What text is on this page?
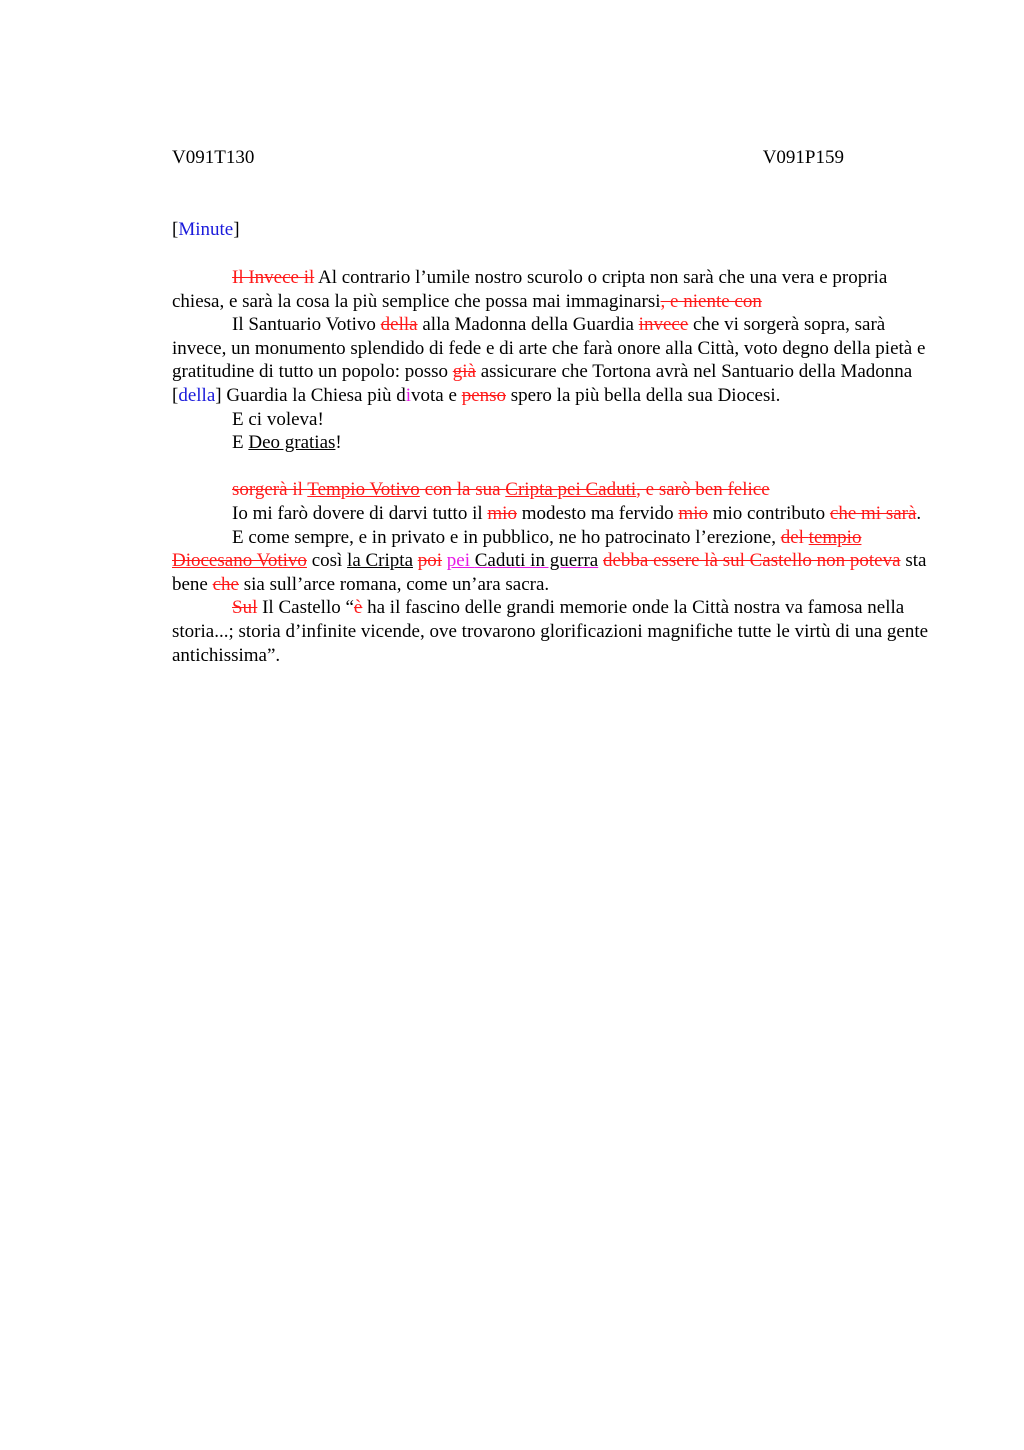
V091T130	V091P159
[Minute]

Il Invece il Al contrario l’umile nostro scurolo o cripta non sarà che una vera e propria chiesa, e sarà la cosa la più semplice che possa mai immaginarsi, e niente con

Il Santuario Votivo della alla Madonna della Guardia invece che vi sorgerà sopra, sarà invece, un monumento splendido di fede e di arte che farà onore alla Città, voto degno della pietà e gratitudine di tutto un popolo: posso già assicurare che Tortona avrà nel Santuario della Madonna [della] Guardia la Chiesa più divota e penso spero la più bella della sua Diocesi.

E ci voleva!

E Deo gratias!

sorgerà il Tempio Votivo con la sua Cripta pei Caduti, e sarò ben felice

Io mi farò dovere di darvi tutto il mio modesto ma fervido mio mio contributo che mi sarà.

E come sempre, e in privato e in pubblico, ne ho patrocinato l’erezione, del tempio Diocesano Votivo così la Cripta poi pei Caduti in guerra debba essere là sul Castello non poteva sta bene che sia sull’arce romana, come un’ara sacra.

Sul Il Castello “è ha il fascino delle grandi memorie onde la Città nostra va famosa nella storia...; storia d’infinite vicende, ove trovarono glorificazioni magnifiche tutte le virtù di una gente antichissima”.
